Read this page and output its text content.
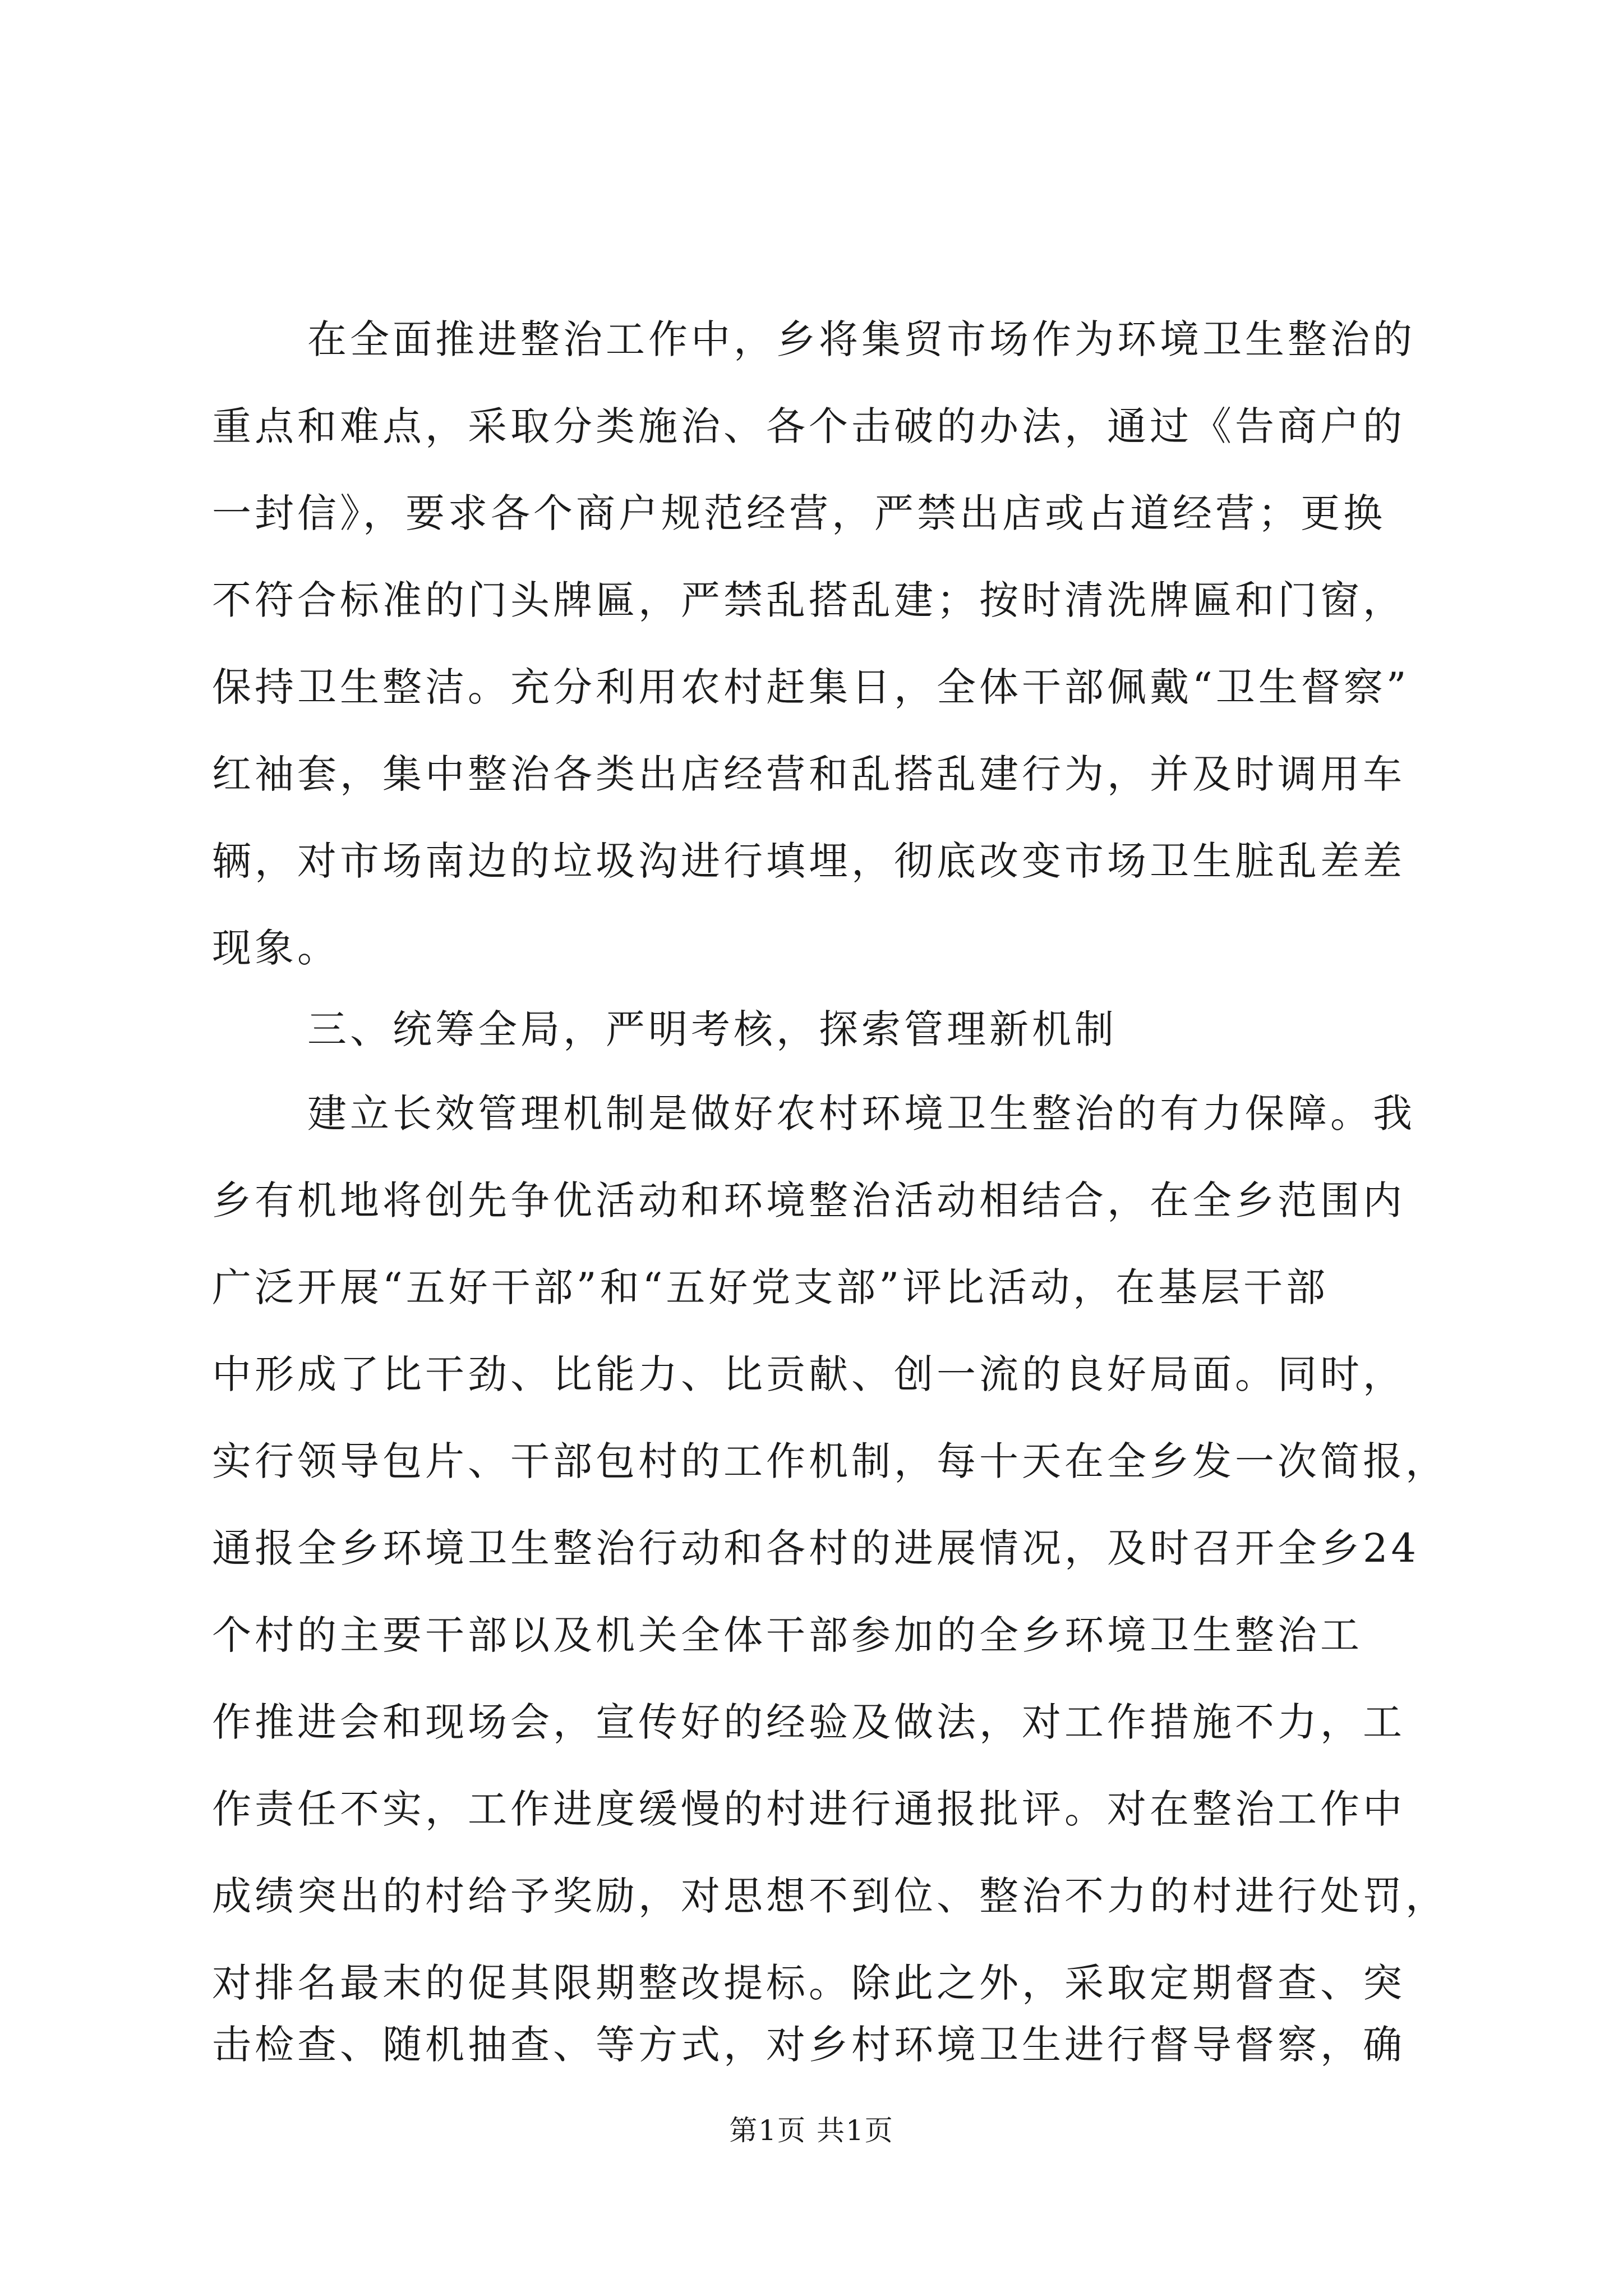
在全面推进整治工作中，乡将集贸市场作为环境卫生整治的
重点和难点，采取分类施治、各个击破的办法，通过《告商户的
一封信》，要求各个商户规范经营，严禁出店或占道经营；更换
不符合标准的门头牌匾，严禁乱搭乱建；按时清洗牌匾和门窗，
保持卫生整洁。充分利用农村赶集日，全体干部佩戴“卫生督察”
红袖套，集中整治各类出店经营和乱搭乱建行为，并及时调用车
辆，对市场南边的垃圾沟进行填埋，彻底改变市场卫生脏乱差差
现象。
三、统筹全局，严明考核，探索管理新机制
建立长效管理机制是做好农村环境卫生整治的有力保障。我
乡有机地将创先争优活动和环境整治活动相结合，在全乡范围内
广泛开展“五好干部”和“五好党支部”评比活动，在基层干部
中形成了比干劲、比能力、比贡献、创一流的良好局面。同时，
实行领导包片、干部包村的工作机制，每十天在全乡发一次简报，
通报全乡环境卫生整治行动和各村的进展情况，及时召开全乡24
个村的主要干部以及机关全体干部参加的全乡环境卫生整治工
作推进会和现场会，宣传好的经验及做法，对工作措施不力，工
作责任不实，工作进度缓慢的村进行通报批评。对在整治工作中
成绩突出的村给予奖励，对思想不到位、整治不力的村进行处罚，
对排名最末的促其限期整改提标。除此之外，采取定期督查、突
击检查、随机抽查、等方式，对乡村环境卫生进行督导督察，确
第1页 共1页
